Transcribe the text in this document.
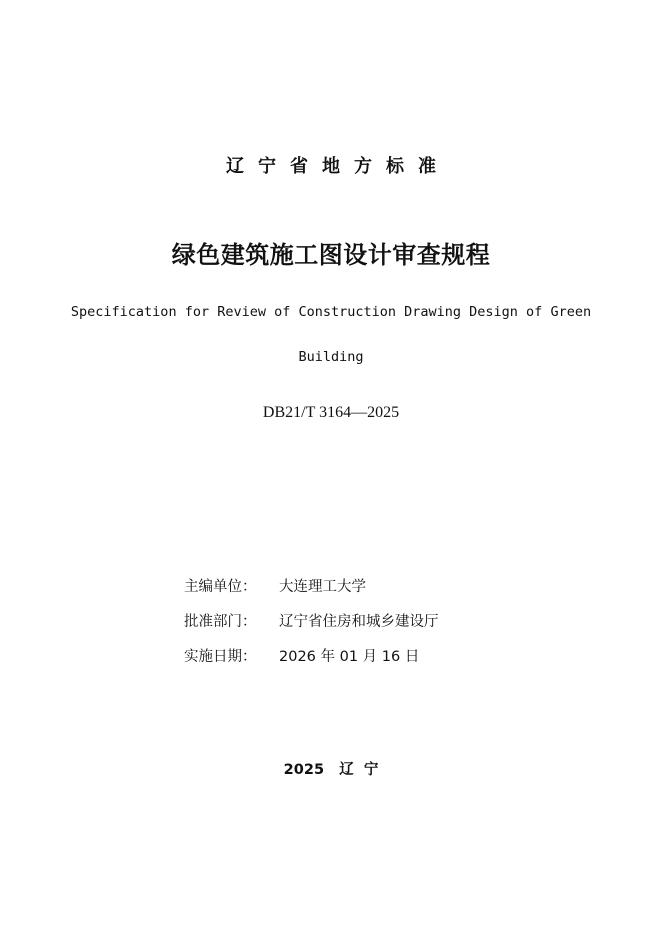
辽宁省地方标准
绿色建筑施工图设计审查规程
Specification for Review of Construction Drawing Design of Green Building
DB21/T 3164—2025
主编单位：	大连理工大学
批准部门：	辽宁省住房和城乡建设厅
实施日期：	2026 年 01 月 16 日
2025 辽  宁
